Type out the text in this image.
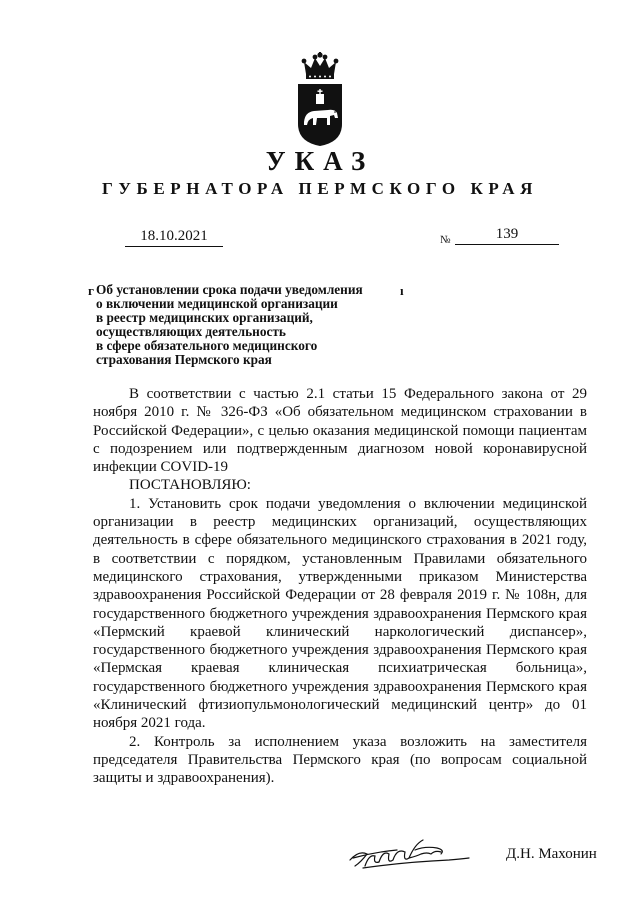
УКАЗ
ГУБЕРНАТОРА ПЕРМСКОГО КРАЯ
18.10.2021	№	139
г Об установлении срока подачи уведомления
о включении медицинской организации
в реестр медицинских организаций,
осуществляющих деятельность
в сфере обязательного медицинского
страхования Пермского края
ı

В соответствии с частью 2.1 статьи 15 Федерального закона от 29 ноября 2010 г. № 326-ФЗ «Об обязательном медицинском страховании в Российской Федерации», с целью оказания медицинской помощи пациентам с подозрением или подтвержденным диагнозом новой коронавирусной инфекции COVID-19

ПОСТАНОВЛЯЮ:

1. Установить срок подачи уведомления о включении медицинской организации в реестр медицинских организаций, осуществляющих деятельность в сфере обязательного медицинского страхования в 2021 году, в соответствии с порядком, установленным Правилами обязательного медицинского страхования, утвержденными приказом Министерства здравоохранения Российской Федерации от 28 февраля 2019 г. № 108н, для государственного бюджетного учреждения здравоохранения Пермского края «Пермский краевой клинический наркологический диспансер», государственного бюджетного учреждения здравоохранения Пермского края «Пермская краевая клиническая психиатрическая больница», государственного бюджетного учреждения здравоохранения Пермского края «Клинический фтизиопульмонологический медицинский центр» до 01 ноября 2021 года.

2. Контроль за исполнением указа возложить на заместителя председателя Правительства Пермского края (по вопросам социальной защиты и здравоохранения).

Д.Н. Махонин
